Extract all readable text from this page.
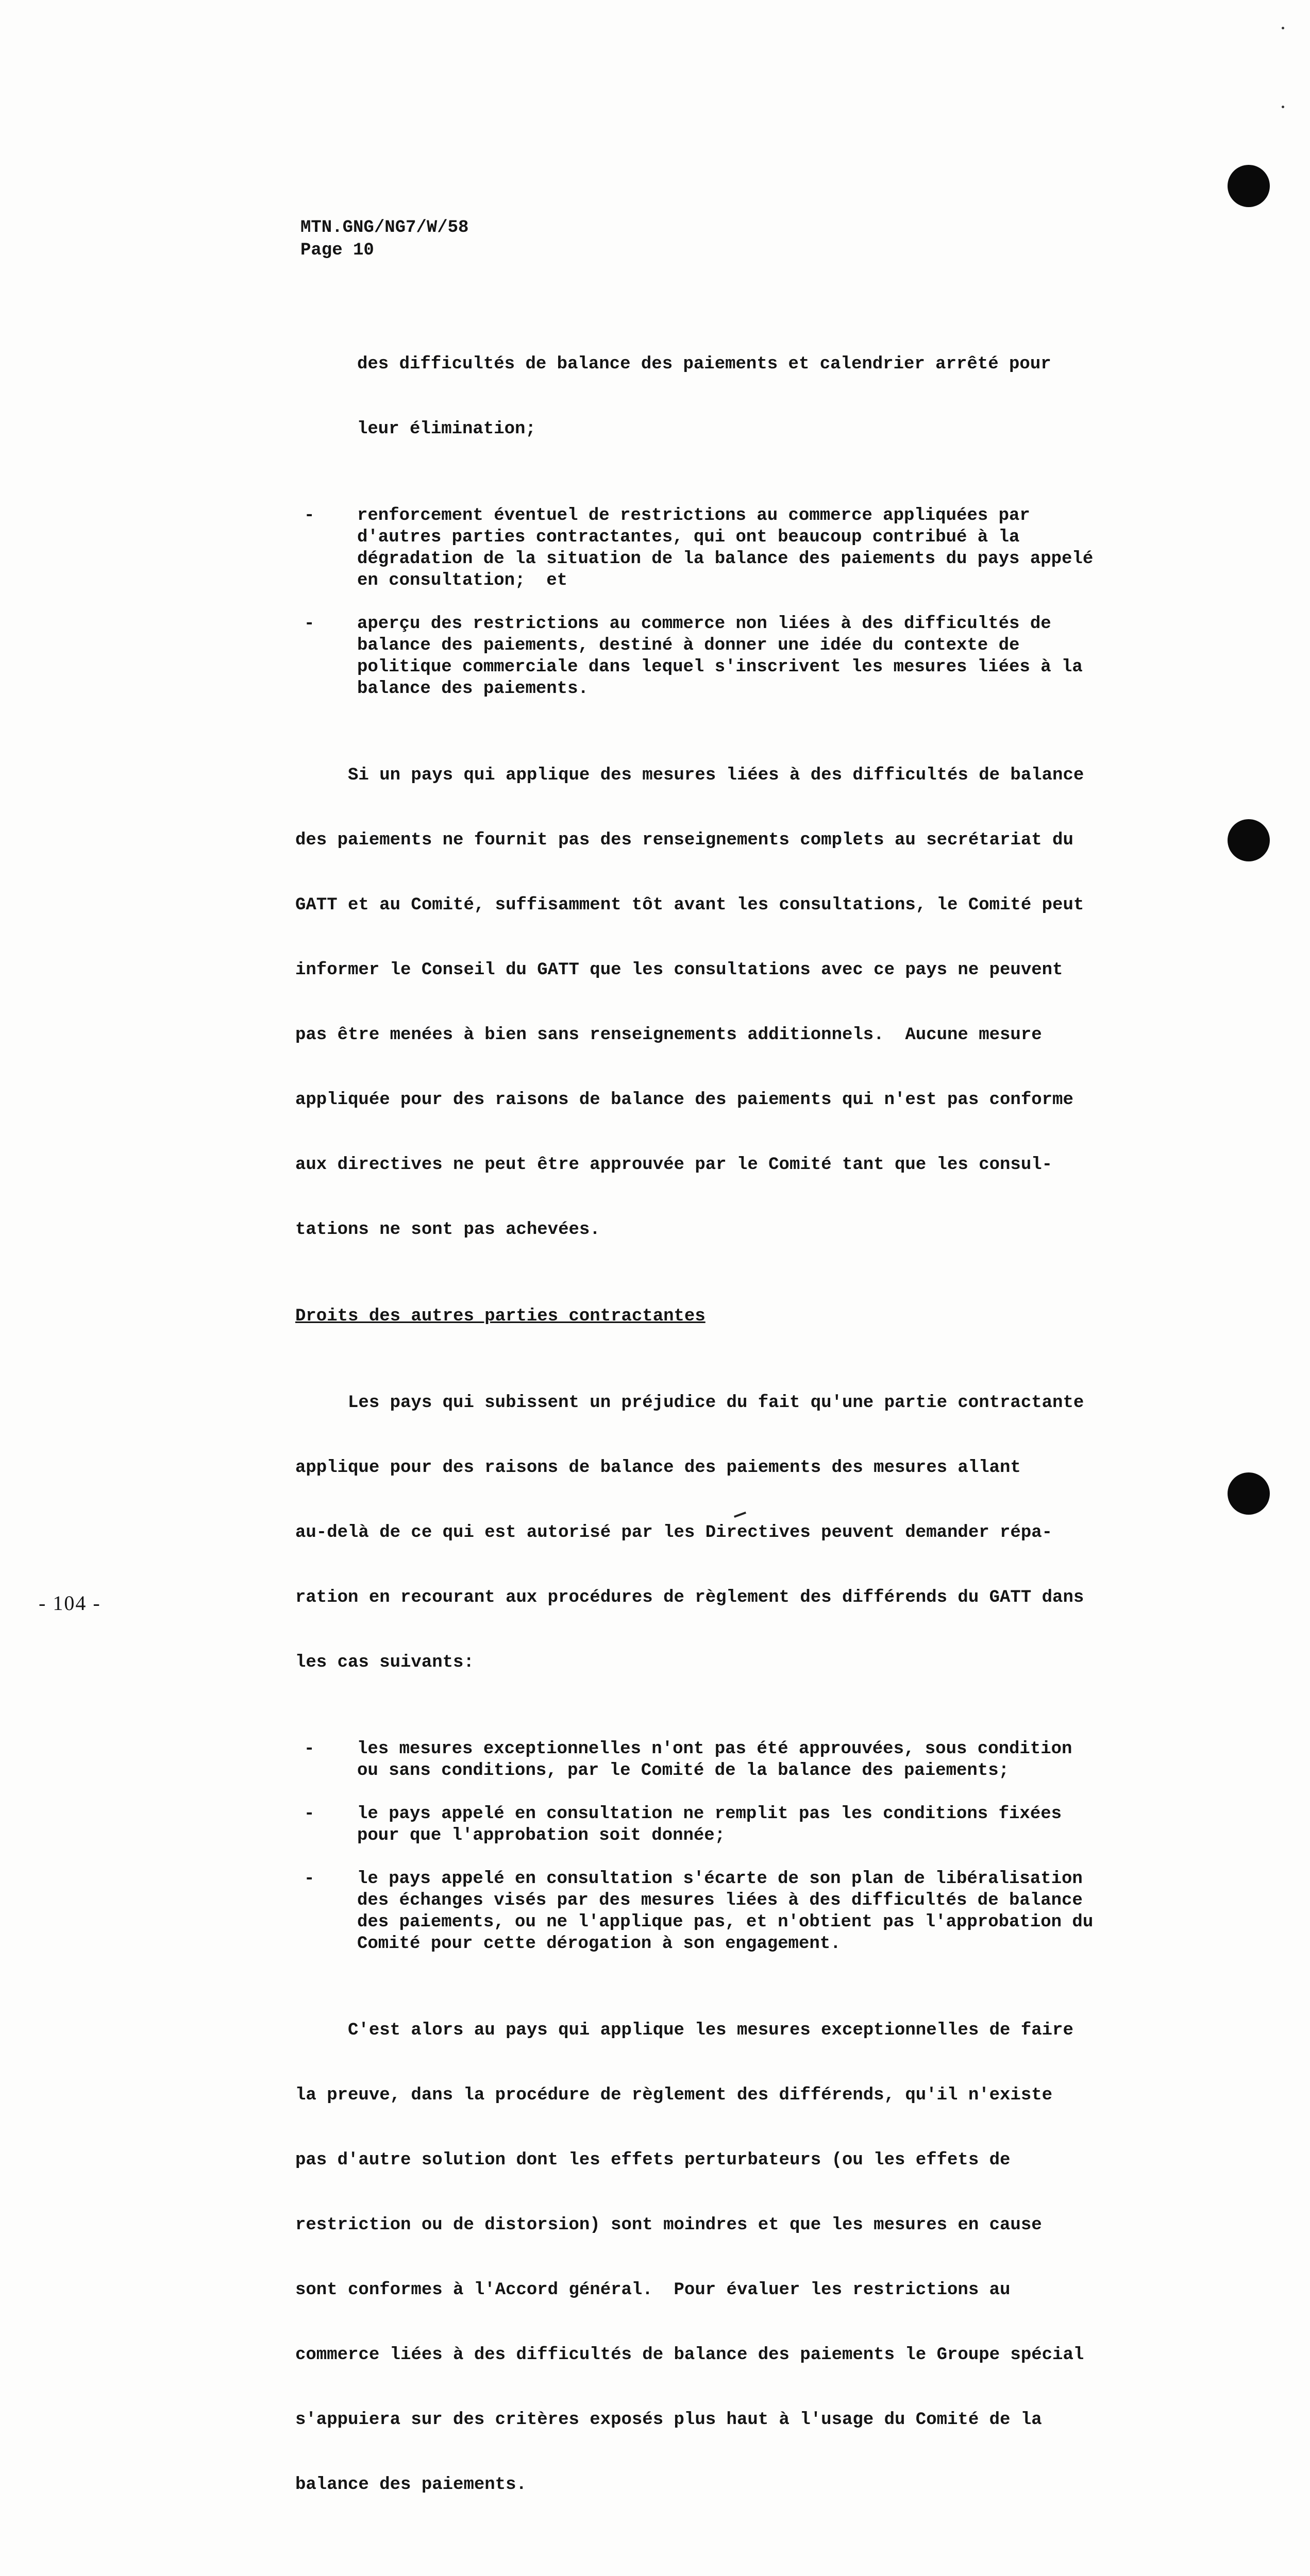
MTN.GNG/NG7/W/58
Page 10

des difficultés de balance des paiements et calendrier arrêté pour

leur élimination;

- renforcement éventuel de restrictions au commerce appliquées par
d'autres parties contractantes, qui ont beaucoup contribué à la
dégradation de la situation de la balance des paiements du pays appelé
en consultation;  et
- aperçu des restrictions au commerce non liées à des difficultés de
balance des paiements, destiné à donner une idée du contexte de
politique commerciale dans lequel s'inscrivent les mesures liées à la
balance des paiements.

Si un pays qui applique des mesures liées à des difficultés de balance

des paiements ne fournit pas des renseignements complets au secrétariat du

GATT et au Comité, suffisamment tôt avant les consultations, le Comité peut

informer le Conseil du GATT que les consultations avec ce pays ne peuvent

pas être menées à bien sans renseignements additionnels.  Aucune mesure

appliquée pour des raisons de balance des paiements qui n'est pas conforme

aux directives ne peut être approuvée par le Comité tant que les consul-

tations ne sont pas achevées.

Droits des autres parties contractantes

Les pays qui subissent un préjudice du fait qu'une partie contractante

applique pour des raisons de balance des paiements des mesures allant

au-delà de ce qui est autorisé par les Directives peuvent demander répa-

ration en recourant aux procédures de règlement des différends du GATT dans

les cas suivants:

- les mesures exceptionnelles n'ont pas été approuvées, sous condition
ou sans conditions, par le Comité de la balance des paiements;
- le pays appelé en consultation ne remplit pas les conditions fixées
pour que l'approbation soit donnée;
- le pays appelé en consultation s'écarte de son plan de libéralisation
des échanges visés par des mesures liées à des difficultés de balance
des paiements, ou ne l'applique pas, et n'obtient pas l'approbation du
Comité pour cette dérogation à son engagement.

C'est alors au pays qui applique les mesures exceptionnelles de faire

la preuve, dans la procédure de règlement des différends, qu'il n'existe

pas d'autre solution dont les effets perturbateurs (ou les effets de

restriction ou de distorsion) sont moindres et que les mesures en cause

sont conformes à l'Accord général.  Pour évaluer les restrictions au

commerce liées à des difficultés de balance des paiements le Groupe spécial

s'appuiera sur des critères exposés plus haut à l'usage du Comité de la

balance des paiements.

- 104 -
